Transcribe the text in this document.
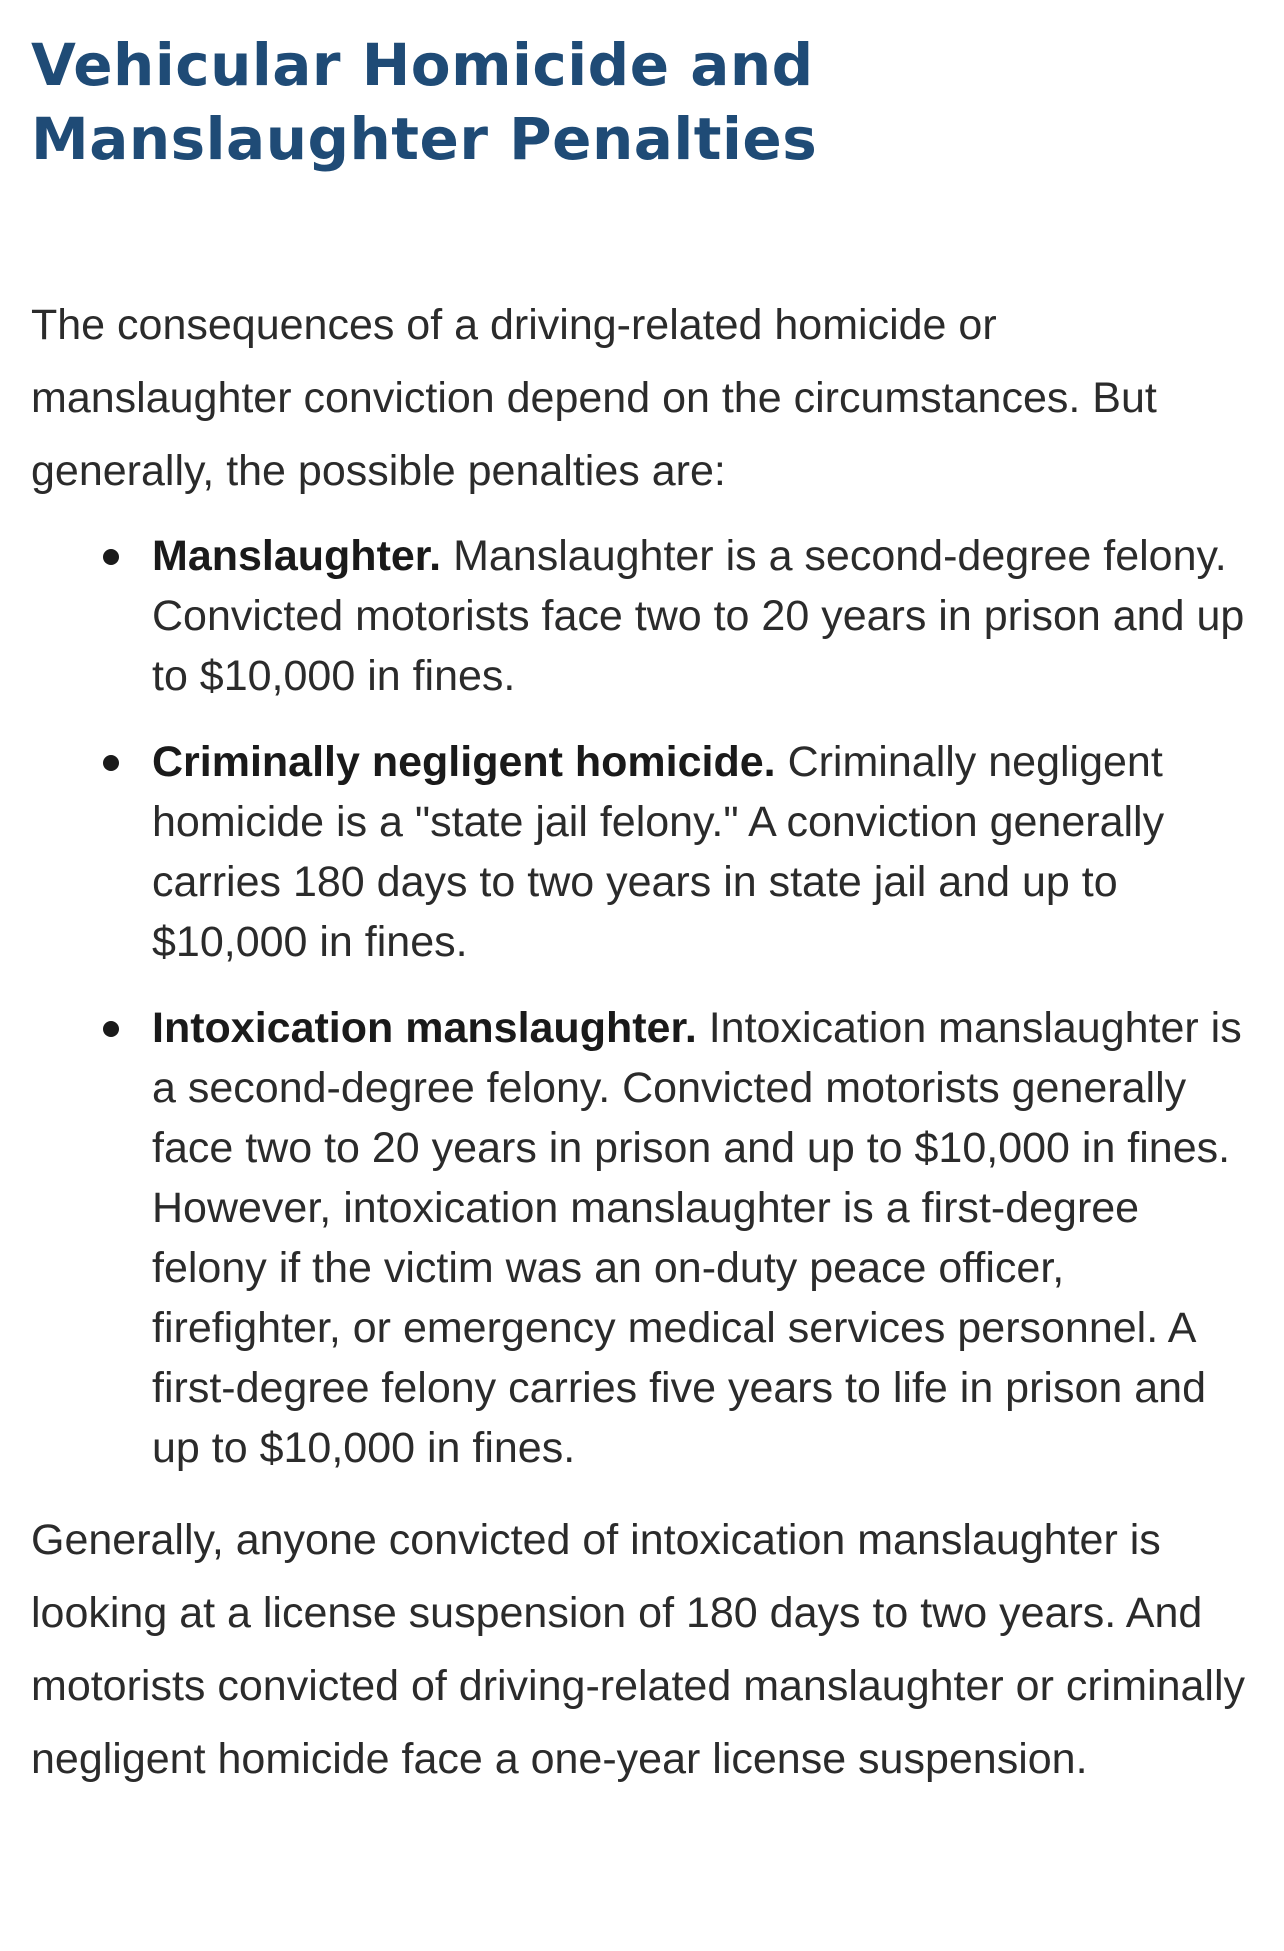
Vehicular Homicide and
Manslaughter Penalties

The consequences of a driving-related homicide or manslaughter conviction depend on the circumstances. But generally, the possible penalties are:

Manslaughter. Manslaughter is a second-degree felony. Convicted motorists face two to 20 years in prison and up to $10,000 in fines.
Criminally negligent homicide. Criminally negligent homicide is a "state jail felony." A conviction generally carries 180 days to two years in state jail and up to $10,000 in fines.
Intoxication manslaughter. Intoxication manslaughter is a second-degree felony. Convicted motorists generally face two to 20 years in prison and up to $10,000 in fines. However, intoxication manslaughter is a first-degree felony if the victim was an on-duty peace officer, firefighter, or emergency medical services personnel. A first-degree felony carries five years to life in prison and up to $10,000 in fines.

Generally, anyone convicted of intoxication manslaughter is looking at a license suspension of 180 days to two years. And motorists convicted of driving-related manslaughter or criminally negligent homicide face a one-year license suspension.
